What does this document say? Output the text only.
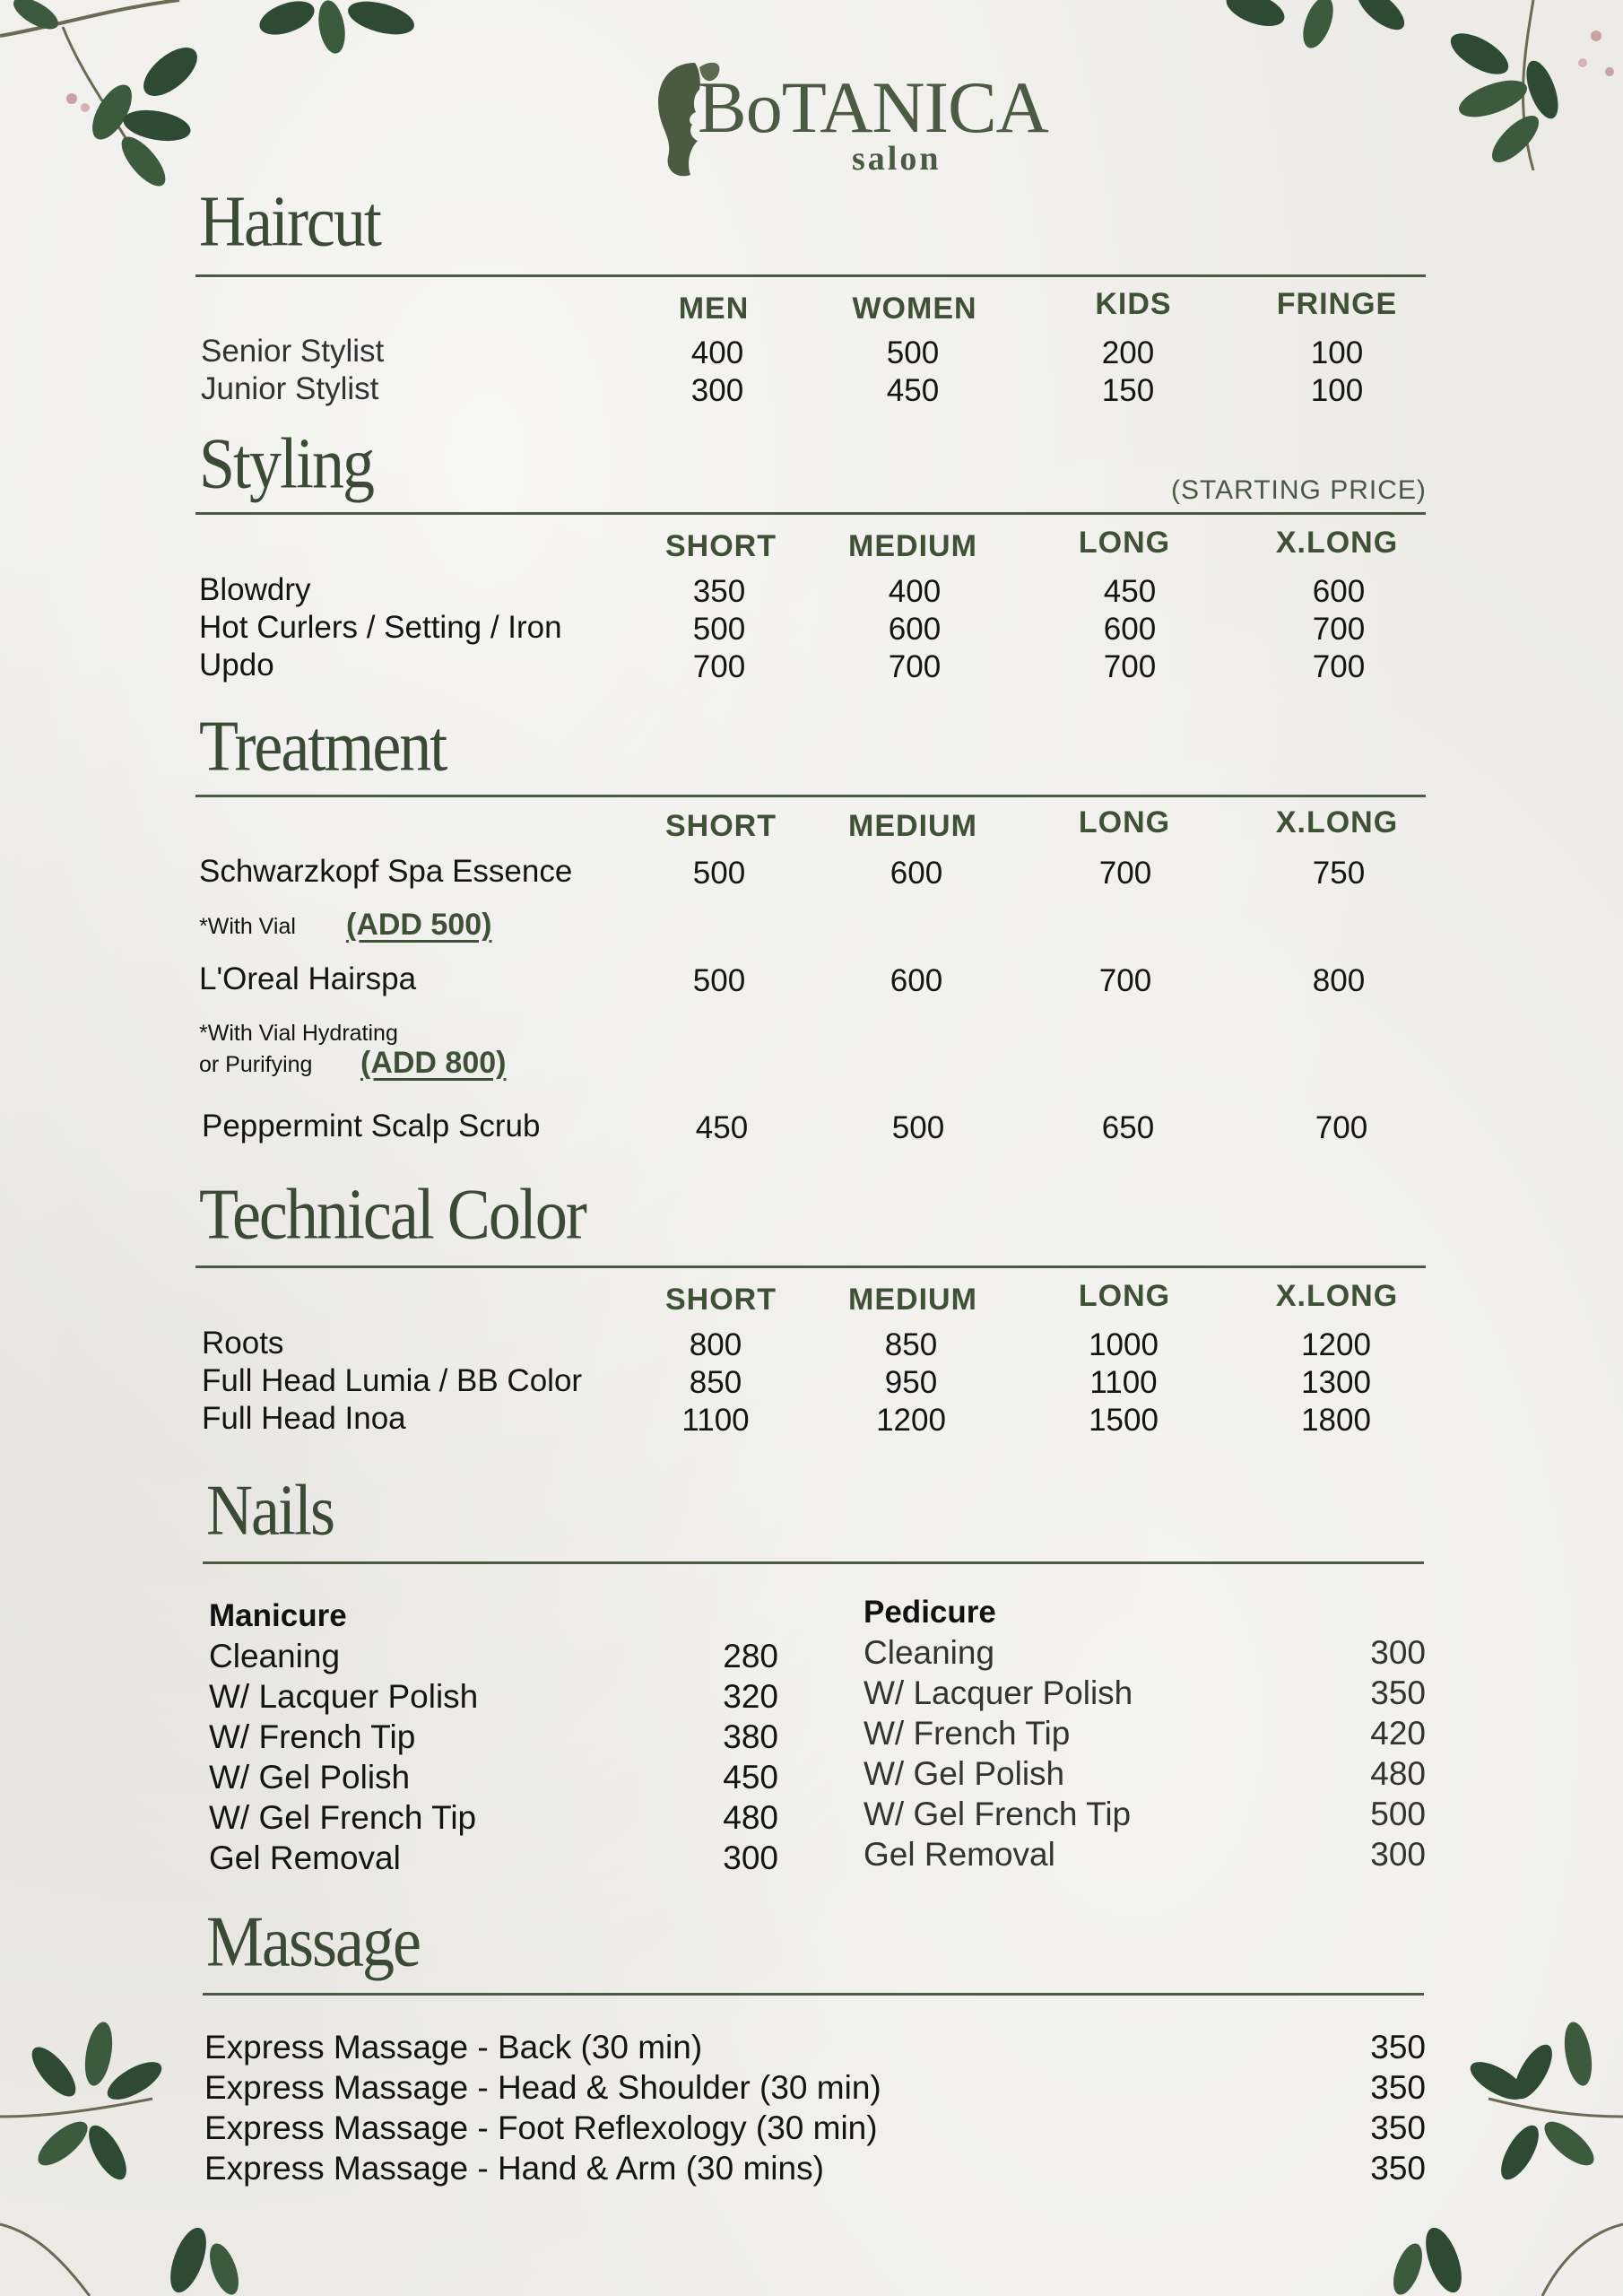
BoTANICA
salon
Haircut
MEN	WOMEN	KIDS	FRINGE
Senior Stylist	400	500	200	100
Junior Stylist	300	450	150	100
Styling	(STARTING PRICE)
SHORT	MEDIUM	LONG	X.LONG
Blowdry	350	400	450	600
Hot Curlers / Setting / Iron	500	600	600	700
Updo	700	700	700	700
Treatment
SHORT	MEDIUM	LONG	X.LONG
Schwarzkopf Spa Essence	500	600	700	750
*With Vial (ADD 500)
L'Oreal Hairspa	500	600	700	800
*With Vial Hydrating
or Purifying (ADD 800)
Peppermint Scalp Scrub	450	500	650	700
Technical Color
SHORT	MEDIUM	LONG	X.LONG
Roots	800	850	1000	1200
Full Head Lumia / BB Color	850	950	1100	1300
Full Head Inoa	1100	1200	1500	1800
Nails
Manicure
Cleaning	280
W/ Lacquer Polish	320
W/ French Tip	380
W/ Gel Polish	450
W/ Gel French Tip	480
Gel Removal	300
Pedicure
Cleaning	300
W/ Lacquer Polish	350
W/ French Tip	420
W/ Gel Polish	480
W/ Gel French Tip	500
Gel Removal	300
Massage
Express Massage - Back (30 min)	350
Express Massage - Head & Shoulder (30 min)	350
Express Massage - Foot Reflexology (30 min)	350
Express Massage - Hand & Arm (30 mins)	350
